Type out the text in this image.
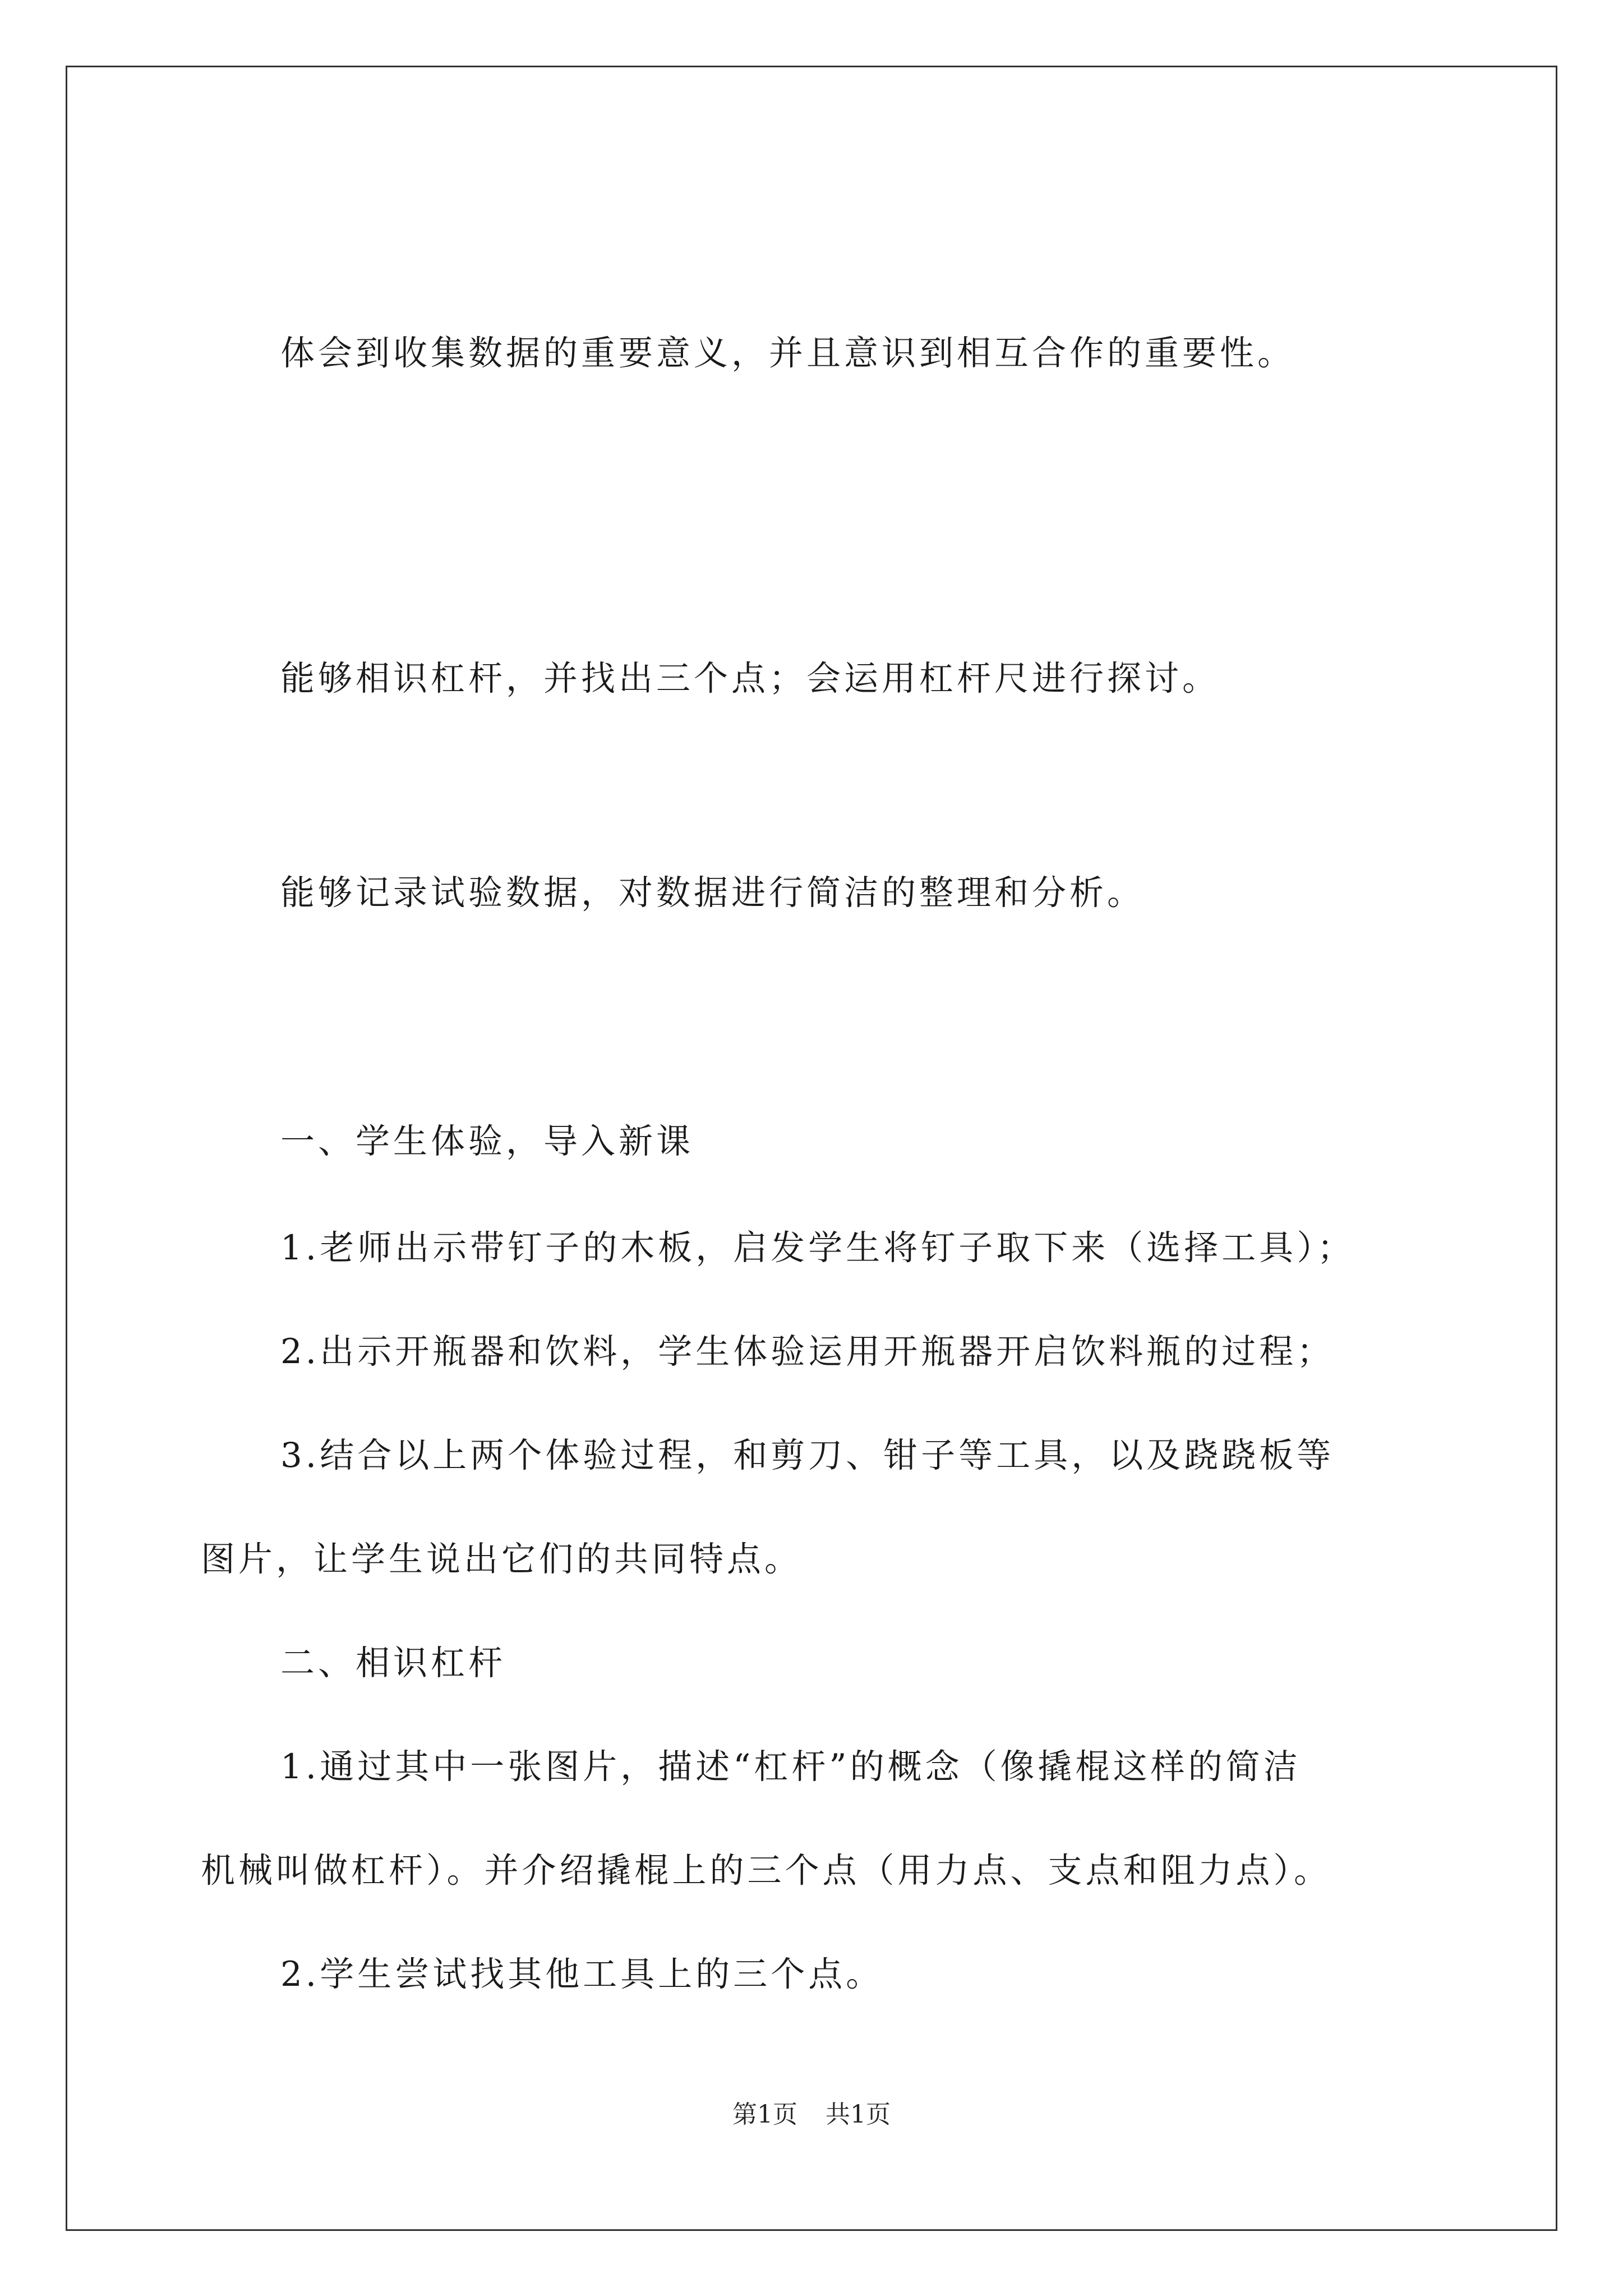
体会到收集数据的重要意义，并且意识到相互合作的重要性。
能够相识杠杆，并找出三个点；会运用杠杆尺进行探讨。
能够记录试验数据，对数据进行简洁的整理和分析。
一、学生体验，导入新课
1.老师出示带钉子的木板，启发学生将钉子取下来（选择工具）；
2.出示开瓶器和饮料，学生体验运用开瓶器开启饮料瓶的过程；
3.结合以上两个体验过程，和剪刀、钳子等工具，以及跷跷板等
图片，让学生说出它们的共同特点。
二、相识杠杆
1.通过其中一张图片，描述“杠杆”的概念（像撬棍这样的简洁
机械叫做杠杆）。并介绍撬棍上的三个点（用力点、支点和阻力点）。
2.学生尝试找其他工具上的三个点。
第1页 共1页
